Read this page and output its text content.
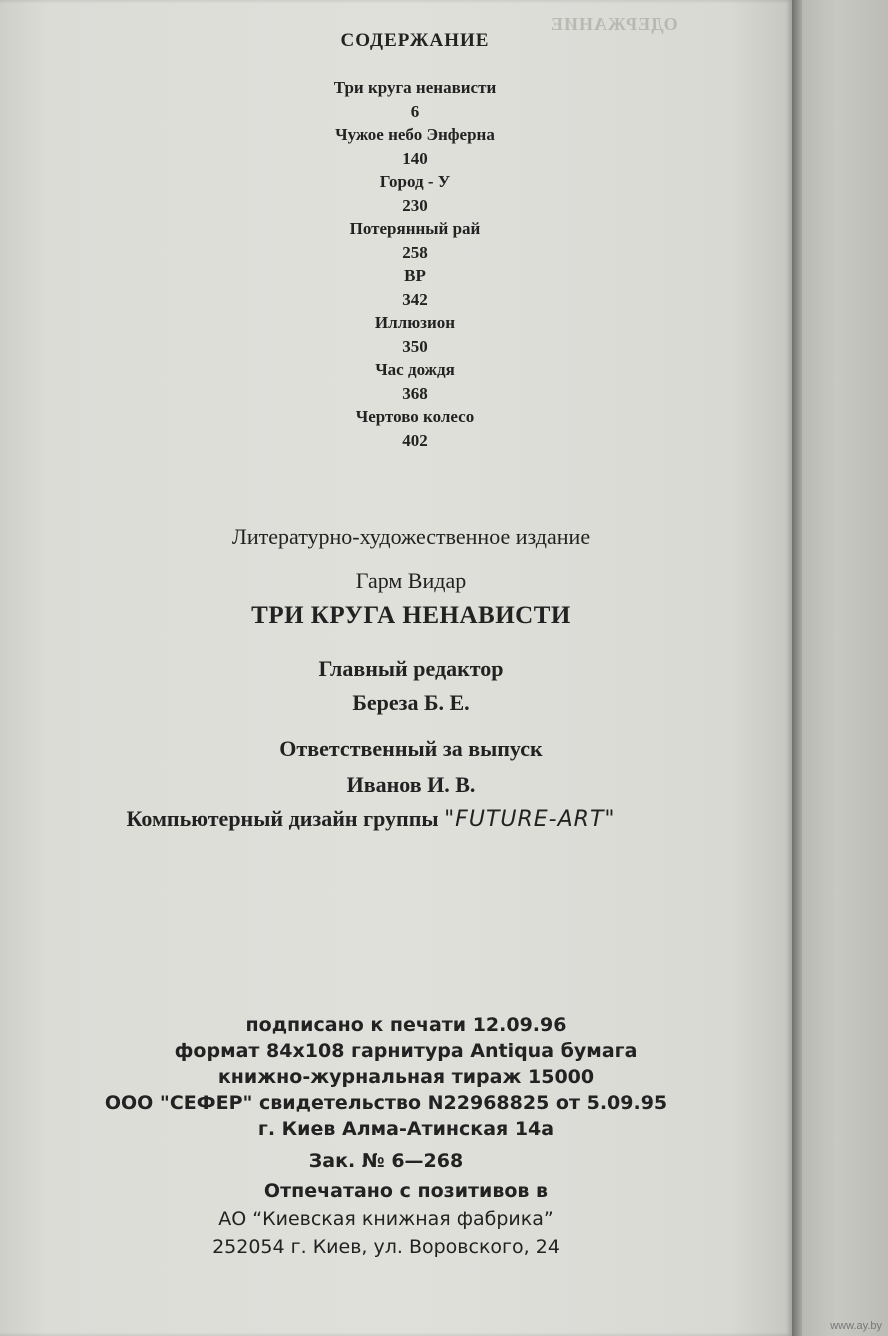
ОДЕРЖАНИЕ
СОДЕРЖАНИЕ
Три круга ненависти
6
Чужое небо Энферна
140
Город - У
230
Потерянный рай
258
ВР
342
Иллюзион
350
Час дождя
368
Чертово колесо
402
Литературно-художественное издание
Гарм Видар
ТРИ КРУГА НЕНАВИСТИ
Главный редактор
Береза Б. Е.
Ответственный за выпуск
Иванов И. В.
Компьютерный дизайн группы "FUTURE-ART"
подписано к печати 12.09.96
формат 84х108 гарнитура Antiqua бумага
книжно-журнальная тираж 15000
ООО "СЕФЕР" свидетельство N22968825 от 5.09.95
г. Киев Алма-Атинская 14а
Зак. № 6—268
Отпечатано с позитивов в
АО “Киевская книжная фабрика”
252054 г. Киев, ул. Воровского, 24
www.ay.by
